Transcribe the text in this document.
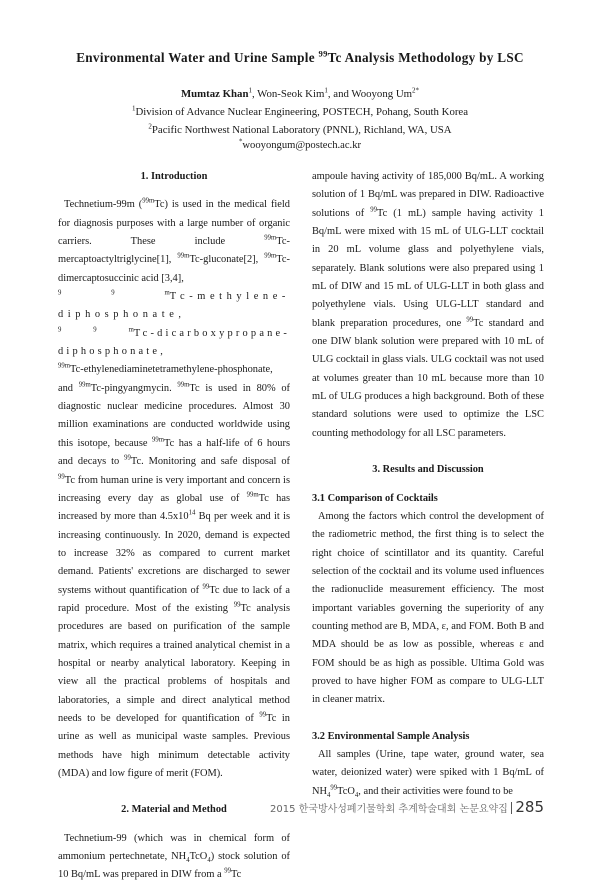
Environmental Water and Urine Sample $^{99}$Tc Analysis Methodology by LSC
Mumtaz Khan$^1$, Won-Seok Kim$^1$, and Wooyong $Um^{2*}$
$^1$Division of Advance Nuclear Engineering, POSTECH, Pohang, South Korea
$^2$Pacific Northwest National Laboratory (PNNL), Richland, WA, USA
*wooyongum@postech.ac.kr
1. Introduction

Technetium-99m ($^{99m}$Tc) is used in the medical field for diagnosis purposes with a large number of organic carriers. These include $^{99m}$Tc-mercaptoactyltriglycine[1], $^{99m}$Tc-gluconate[2], $^{99m}$Tc-dimercaptosuccinic acid [3,4],
$^{9 9 m}$Tc-methylene-diphosphonate,
$^{9 9 m}$Tc-dicarboxypropane-diphosphonate,
$^{99m}$Tc-ethylenediaminetetramethylene-phosphonate, and $^{99m}$Tc-pingyangmycin. $^{99m}$Tc is used in 80% of diagnostic nuclear medicine procedures. Almost 30 million examinations are conducted worldwide using this isotope, because $^{99m}$Tc has a half-life of 6 hours and decays to $^{99}$Tc. Monitoring and safe disposal of $^{99}$Tc from human urine is very important and concern is increasing every day as global use of $^{99m}$Tc has increased by more than $4.5x10^{14}$ Bq per week and it is increasing continuously. In 2020, demand is expected to increase 32% as compared to current market demand. Patients' excretions are discharged to sewer systems without quantification of $^{99}$Tc due to lack of a rapid procedure. Most of the existing $^{99}$Tc analysis procedures are based on purification of the sample matrix, which requires a trained analytical chemist in a hospital or nearby analytical laboratory. Keeping in view all the practical problems of hospitals and laboratories, a simple and direct analytical method needs to be developed for quantification of $^{99}$Tc in urine as well as municipal waste samples. Previous methods have high minimum detectable activity (MDA) and low figure of merit (FOM).

2. Material and Method

Technetium-99 (which was in chemical form of ammonium pertechnetate, $NH_4TcO_4$) stock solution of 10 Bq/mL was prepared in DIW from a $^{99}$Tc

ampoule having activity of 185,000 Bq/mL. A working solution of 1 Bq/mL was prepared in DIW. Radioactive solutions of $^{99}$Tc (1 mL) sample having activity 1 Bq/mL were mixed with 15 mL of ULG-LLT cocktail in 20 mL volume glass and polyethylene vials, separately. Blank solutions were also prepared using 1 mL of DIW and 15 mL of ULG-LLT in both glass and polyethylene vials. Using ULG-LLT standard and blank preparation procedures, one $^{99}$Tc standard and one DIW blank solution were prepared with 10 mL of ULG cocktail in glass vials. ULG cocktail was not used at volumes greater than 10 mL because more than 10 mL of ULG produces a high background. Both of these standard solutions were used to optimize the LSC counting methodology for all LSC parameters.

3. Results and Discussion
3.1 Comparison of Cocktails

Among the factors which control the development of the radiometric method, the first thing is to select the right choice of scintillator and its quantity. Careful selection of the cocktail and its volume used influences the radionuclide measurement efficiency. The most important variables governing the superiority of any counting method are B, MDA, ε, and FOM. Both B and MDA should be as low as possible, whereas ε and FOM should be as high as possible. Ultima Gold was proved to have higher FOM as compare to ULG-LLT in cleaner matrix.

3.2 Environmental Sample Analysis

All samples (Urine, tape water, ground water, sea water, deionized water) were spiked with 1 Bq/mL of $NH_4^{99}TcO_4$, and their activities were found to be

2015 한국방사성폐기물학회 추계학술대회 논문요약집 285
